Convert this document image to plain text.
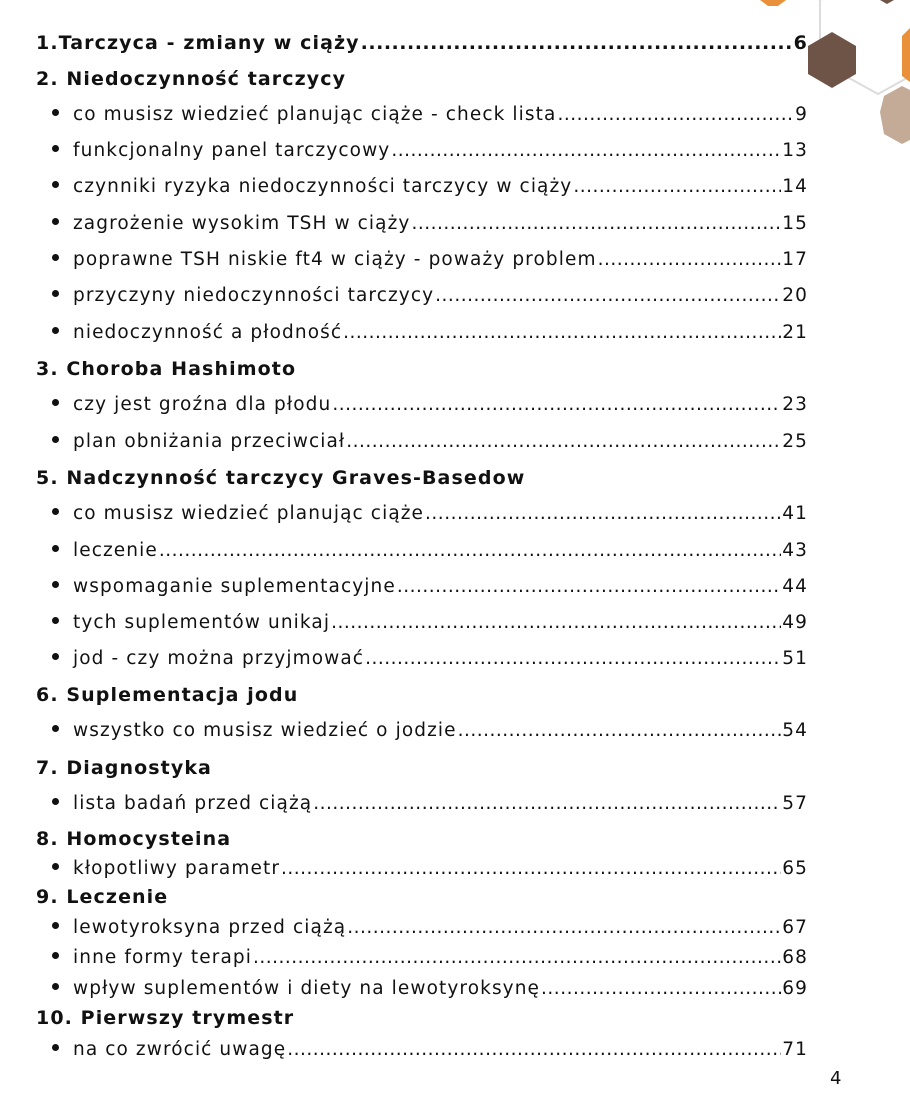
1.Tarczyca - zmiany w ciąży .....	6
2. Niedoczynność tarczycy
co musisz wiedzieć planując ciąże - check lista .....	9
funkcjonalny panel tarczycowy .....	13
czynniki ryzyka niedoczynności tarczycy w ciąży .....	14
zagrożenie wysokim TSH w ciąży .....	15
poprawne TSH niskie ft4 w ciąży - poważy problem .....	17
przyczyny niedoczynności tarczycy .....	20
niedoczynność a płodność .....	21
3. Choroba Hashimoto
czy jest groźna dla płodu .....	23
plan obniżania przeciwciał .....	25
5. Nadczynność tarczycy Graves-Basedow
co musisz wiedzieć planując ciąże .....	41
leczenie .....	43
wspomaganie suplementacyjne .....	44
tych suplementów unikaj .....	49
jod - czy można przyjmować .....	51
6. Suplementacja jodu
wszystko co musisz wiedzieć o jodzie .....	54
7. Diagnostyka
lista badań przed ciążą .....	57
8. Homocysteina
kłopotliwy parametr .....	65
9. Leczenie
lewotyroksyna przed ciążą .....	67
inne formy terapi .....	68
wpływ suplementów i diety na lewotyroksynę .....	69
10. Pierwszy trymestr
na co zwrócić uwagę .....	71
4
